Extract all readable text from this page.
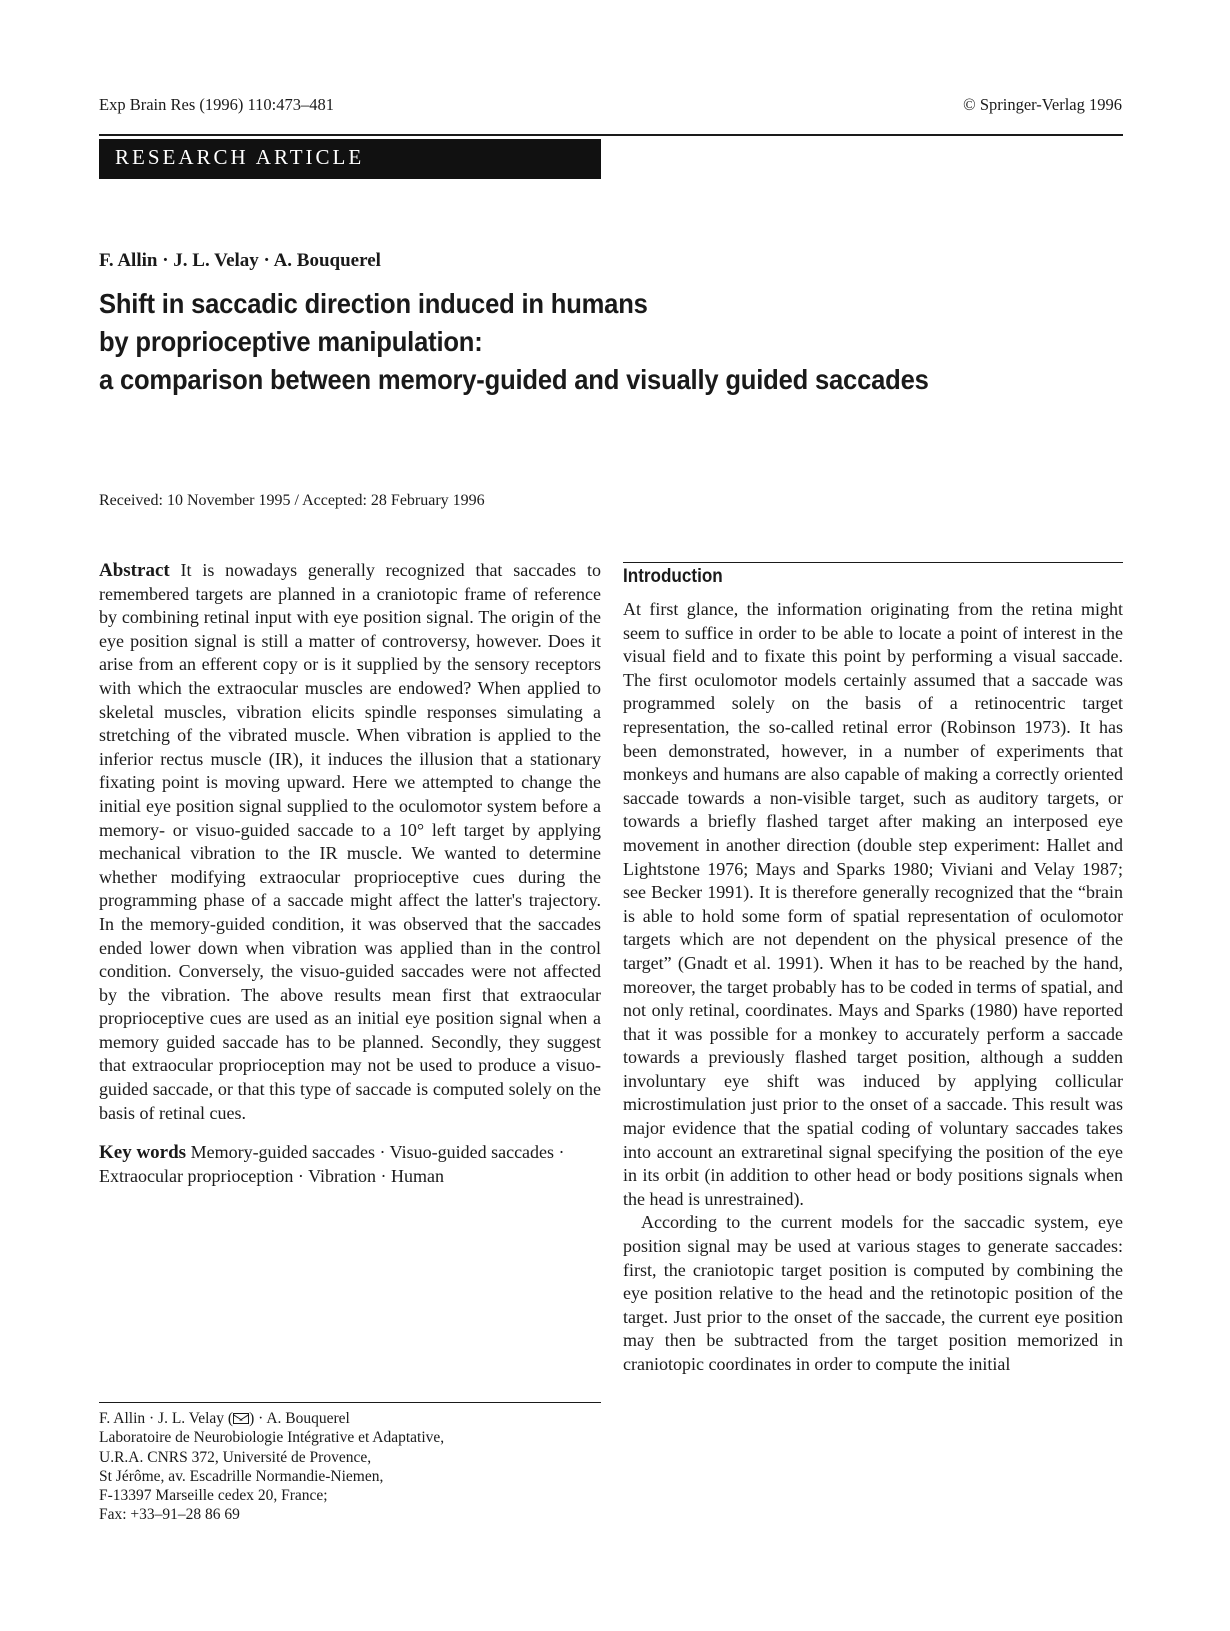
Exp Brain Res (1996) 110:473–481	© Springer-Verlag 1996
RESEARCH ARTICLE
F. Allin · J. L. Velay · A. Bouquerel
Shift in saccadic direction induced in humans
by proprioceptive manipulation:
a comparison between memory-guided and visually guided saccades
Received: 10 November 1995 / Accepted: 28 February 1996

Abstract It is nowadays generally recognized that saccades to remembered targets are planned in a craniotopic frame of reference by combining retinal input with eye position signal. The origin of the eye position signal is still a matter of controversy, however. Does it arise from an efferent copy or is it supplied by the sensory receptors with which the extraocular muscles are endowed? When applied to skeletal muscles, vibration elicits spindle responses simulating a stretching of the vibrated muscle. When vibration is applied to the inferior rectus muscle (IR), it induces the illusion that a stationary fixating point is moving upward. Here we attempted to change the initial eye position signal supplied to the oculomotor system before a memory- or visuo-guided saccade to a 10° left target by applying mechanical vibration to the IR muscle. We wanted to determine whether modifying extraocular proprioceptive cues during the programming phase of a saccade might affect the latter's trajectory. In the memory-guided condition, it was observed that the saccades ended lower down when vibration was applied than in the control condition. Conversely, the visuo-guided saccades were not affected by the vibration. The above results mean first that extraocular proprioceptive cues are used as an initial eye position signal when a memory guided saccade has to be planned. Secondly, they suggest that extraocular proprioception may not be used to produce a visuo-guided saccade, or that this type of saccade is computed solely on the basis of retinal cues.

Key words Memory-guided saccades · Visuo-guided saccades · Extraocular proprioception · Vibration · Human

F. Allin · J. L. Velay ( ) · A. Bouquerel
Laboratoire de Neurobiologie Intégrative et Adaptative,
U.R.A. CNRS 372, Université de Provence,
St Jérôme, av. Escadrille Normandie-Niemen,
F-13397 Marseille cedex 20, France;
Fax: +33–91–28 86 69
Introduction

At first glance, the information originating from the retina might seem to suffice in order to be able to locate a point of interest in the visual field and to fixate this point by performing a visual saccade. The first oculomotor models certainly assumed that a saccade was programmed solely on the basis of a retinocentric target representation, the so-called retinal error (Robinson 1973). It has been demonstrated, however, in a number of experiments that monkeys and humans are also capable of making a correctly oriented saccade towards a non-visible target, such as auditory targets, or towards a briefly flashed target after making an interposed eye movement in another direction (double step experiment: Hallet and Lightstone 1976; Mays and Sparks 1980; Viviani and Velay 1987; see Becker 1991). It is therefore generally recognized that the “brain is able to hold some form of spatial representation of oculomotor targets which are not dependent on the physical presence of the target” (Gnadt et al. 1991). When it has to be reached by the hand, moreover, the target probably has to be coded in terms of spatial, and not only retinal, coordinates. Mays and Sparks (1980) have reported that it was possible for a monkey to accurately perform a saccade towards a previously flashed target position, although a sudden involuntary eye shift was induced by applying collicular microstimulation just prior to the onset of a saccade. This result was major evidence that the spatial coding of voluntary saccades takes into account an extraretinal signal specifying the position of the eye in its orbit (in addition to other head or body positions signals when the head is unrestrained).

According to the current models for the saccadic system, eye position signal may be used at various stages to generate saccades: first, the craniotopic target position is computed by combining the eye position relative to the head and the retinotopic position of the target. Just prior to the onset of the saccade, the current eye position may then be subtracted from the target position memorized in craniotopic coordinates in order to compute the initial
